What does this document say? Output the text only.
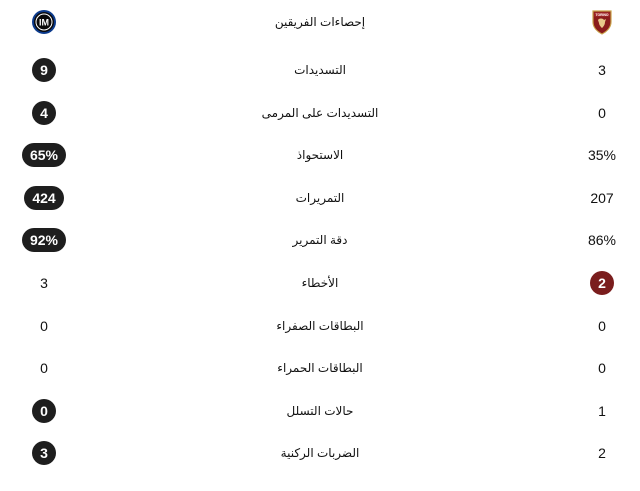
IM	إحصاءات الفريقين
TORINO
9	التسديدات	3
4	التسديدات على المرمى	0
65%	الاستحواذ	35%
424	التمريرات	207
92%	دقة التمرير	86%
3	الأخطاء	2
0	البطاقات الصفراء	0
0	البطاقات الحمراء	0
0	حالات التسلل	1
3	الضربات الركنية	2
